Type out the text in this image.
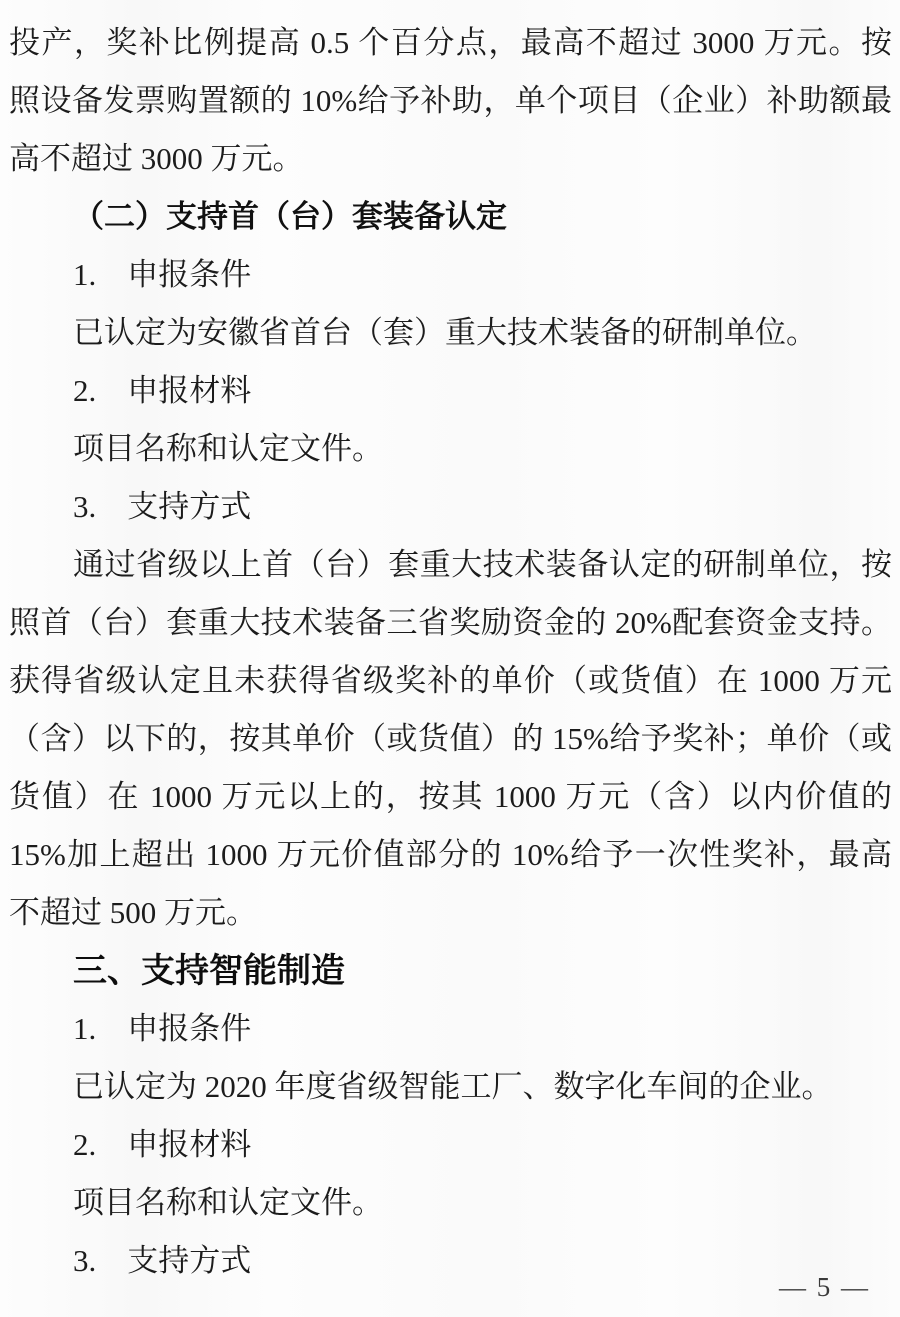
投产，奖补比例提高 0.5 个百分点，最高不超过 3000 万元。按
照设备发票购置额的 10%给予补助，单个项目（企业）补助额最
高不超过 3000 万元。
（二）支持首（台）套装备认定
1.　申报条件
已认定为安徽省首台（套）重大技术装备的研制单位。
2.　申报材料
项目名称和认定文件。
3.　支持方式
通过省级以上首（台）套重大技术装备认定的研制单位，按
照首（台）套重大技术装备三省奖励资金的 20%配套资金支持。
获得省级认定且未获得省级奖补的单价（或货值）在 1000 万元
（含）以下的，按其单价（或货值）的 15%给予奖补；单价（或
货值）在 1000 万元以上的，按其 1000 万元（含）以内价值的
15%加上超出 1000 万元价值部分的 10%给予一次性奖补，最高
不超过 500 万元。
三、支持智能制造
1.　申报条件
已认定为 2020 年度省级智能工厂、数字化车间的企业。
2.　申报材料
项目名称和认定文件。
3.　支持方式
— 5 —
